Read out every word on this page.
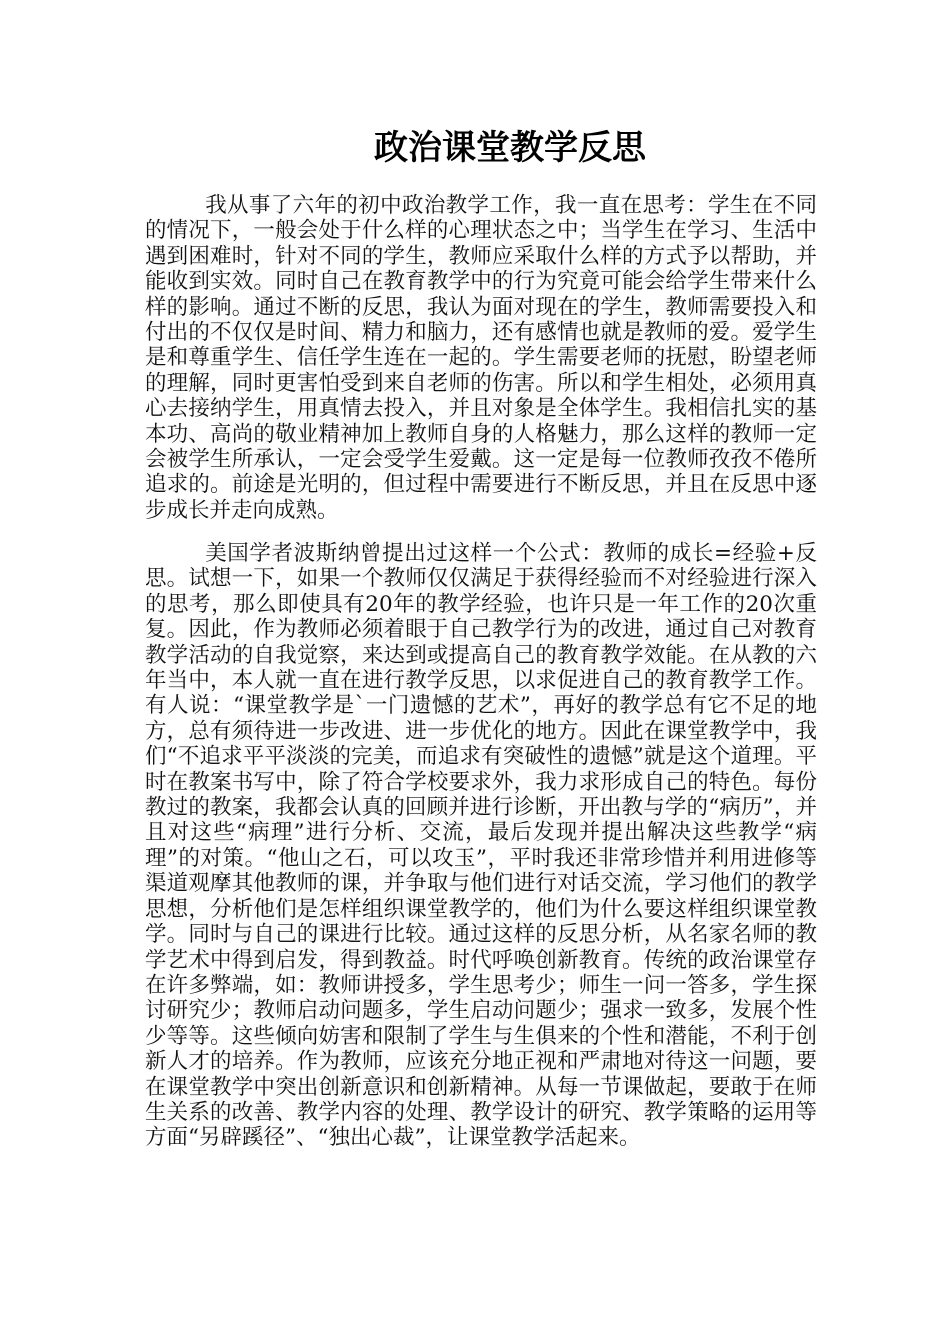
政治课堂教学反思

我从事了六年的初中政治教学工作，我一直在思考：学生在不同的情况下，一般会处于什么样的心理状态之中；当学生在学习、生活中遇到困难时，针对不同的学生，教师应采取什么样的方式予以帮助，并能收到实效。同时自己在教育教学中的行为究竟可能会给学生带来什么样的影响。通过不断的反思，我认为面对现在的学生，教师需要投入和付出的不仅仅是时间、精力和脑力，还有感情也就是教师的爱。爱学生是和尊重学生、信任学生连在一起的。学生需要老师的抚慰，盼望老师的理解，同时更害怕受到来自老师的伤害。所以和学生相处，必须用真心去接纳学生，用真情去投入，并且对象是全体学生。我相信扎实的基本功、高尚的敬业精神加上教师自身的人格魅力，那么这样的教师一定会被学生所承认，一定会受学生爱戴。这一定是每一位教师孜孜不倦所追求的。前途是光明的，但过程中需要进行不断反思，并且在反思中逐步成长并走向成熟。

美国学者波斯纳曾提出过这样一个公式：教师的成长=经验+反思。试想一下，如果一个教师仅仅满足于获得经验而不对经验进行深入的思考，那么即使具有20年的教学经验，也许只是一年工作的20次重复。因此，作为教师必须着眼于自己教学行为的改进，通过自己对教育教学活动的自我觉察，来达到或提高自己的教育教学效能。在从教的六年当中，本人就一直在进行教学反思，以求促进自己的教育教学工作。有人说：“课堂教学是`一门遗憾的艺术”，再好的教学总有它不足的地方，总有须待进一步改进、进一步优化的地方。因此在课堂教学中，我们“不追求平平淡淡的完美，而追求有突破性的遗憾”就是这个道理。平时在教案书写中，除了符合学校要求外，我力求形成自己的特色。每份教过的教案，我都会认真的回顾并进行诊断，开出教与学的“病历”，并且对这些“病理”进行分析、交流，最后发现并提出解决这些教学“病理”的对策。“他山之石，可以攻玉”，平时我还非常珍惜并利用进修等渠道观摩其他教师的课，并争取与他们进行对话交流，学习他们的教学思想，分析他们是怎样组织课堂教学的，他们为什么要这样组织课堂教学。同时与自己的课进行比较。通过这样的反思分析，从名家名师的教学艺术中得到启发，得到教益。时代呼唤创新教育。传统的政治课堂存在许多弊端，如：教师讲授多，学生思考少；师生一问一答多，学生探讨研究少；教师启动问题多，学生启动问题少；强求一致多，发展个性少等等。这些倾向妨害和限制了学生与生俱来的个性和潜能，不利于创新人才的培养。作为教师，应该充分地正视和严肃地对待这一问题，要在课堂教学中突出创新意识和创新精神。从每一节课做起，要敢于在师生关系的改善、教学内容的处理、教学设计的研究、教学策略的运用等方面“另辟蹊径”、“独出心裁”，让课堂教学活起来。
